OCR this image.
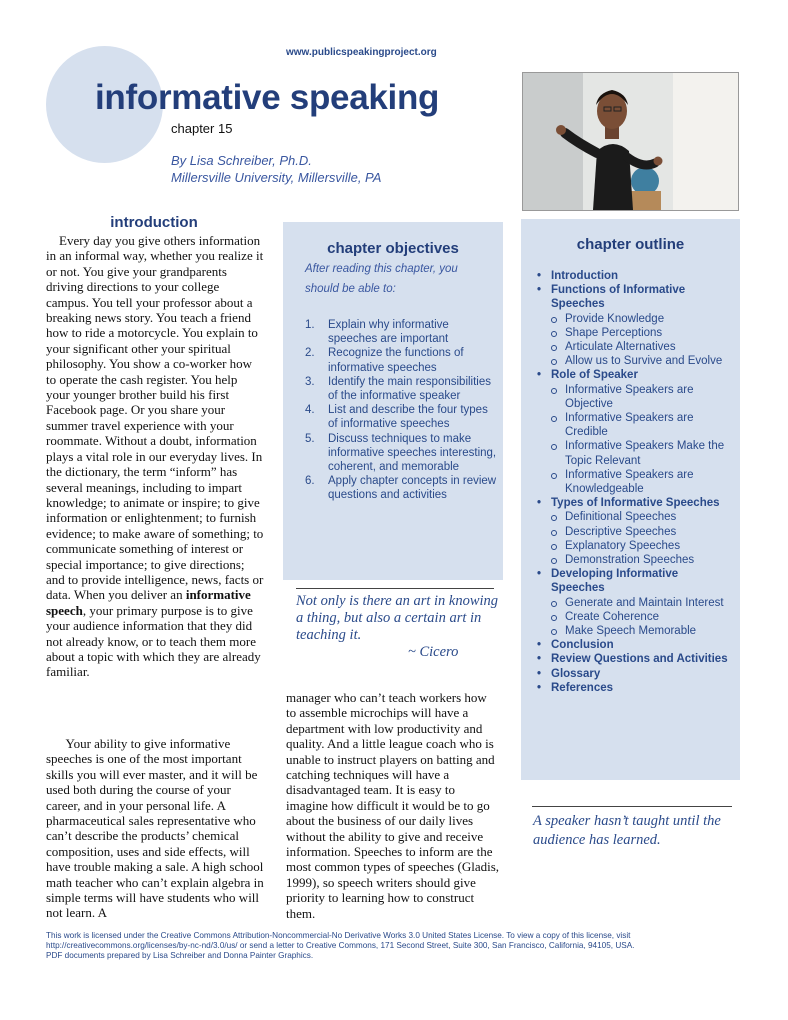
www.publicspeakingproject.org
informative speaking
chapter 15
By Lisa Schreiber, Ph.D.
Millersville University, Millersville, PA
introduction

Every day you give others information in an informal way, whether you realize it or not. You give your grandparents driving directions to your college campus. You tell your professor about a breaking news story. You teach a friend how to ride a motorcycle. You explain to your significant other your spiritual philosophy. You show a co-worker how to operate the cash register. You help your younger brother build his first Facebook page. Or you share your summer travel experience with your roommate. Without a doubt, information plays a vital role in our everyday lives. In the dictionary, the term “inform” has several meanings, including to impart knowledge; to animate or inspire; to give information or enlightenment; to furnish evidence; to make aware of something; to communicate something of interest or special importance; to give directions; and to provide intelligence, news, facts or data. When you deliver an informative speech, your primary purpose is to give your audience information that they did not already know, or to teach them more about a topic with which they are already familiar.

Your ability to give informative speeches is one of the most important skills you will ever master, and it will be used both during the course of your career, and in your personal life. A pharmaceutical sales representative who can’t describe the products’ chemical composition, uses and side effects, will have trouble making a sale. A high school math teacher who can’t explain algebra in simple terms will have students who will not learn. A

manager who can’t teach workers how to assemble microchips will have a department with low productivity and quality. And a little league coach who is unable to instruct players on batting and catching techniques will have a disadvantaged team. It is easy to imagine how difficult it would be to go about the business of our daily lives without the ability to give and receive information. Speeches to inform are the most common types of speeches (Gladis, 1999), so speech writers should give priority to learning how to construct them.

chapter objectives
After reading this chapter, you should be able to:
1. Explain why informative speeches are important
2. Recognize the functions of informative speeches
3. Identify the main responsibilities of the informative speaker
4. List and describe the four types of informative speeches
5. Discuss techniques to make informative speeches interesting, coherent, and memorable
6. Apply chapter concepts in review questions and activities
Not only is there an art in knowing a thing, but also a certain art in teaching it.
~ Cicero
chapter outline
• Introduction
• Functions of Informative Speeches
Provide Knowledge
Shape Perceptions
Articulate Alternatives
Allow us to Survive and Evolve
• Role of Speaker
Informative Speakers are Objective
Informative Speakers are Credible
Informative Speakers Make the Topic Relevant
Informative Speakers are Knowledgeable
• Types of Informative Speeches
Definitional Speeches
Descriptive Speeches
Explanatory Speeches
Demonstration Speeches
• Developing Informative Speeches
Generate and Maintain Interest
Create Coherence
Make Speech Memorable
• Conclusion
• Review Questions and Activities
• Glossary
• References
A speaker hasn’t taught until the audience has learned.
This work is licensed under the Creative Commons Attribution-Noncommercial-No Derivative Works 3.0 United States License. To view a copy of this license, visit
http://creativecommons.org/licenses/by-nc-nd/3.0/us/ or send a letter to Creative Commons, 171 Second Street, Suite 300, San Francisco, California, 94105, USA.
PDF documents prepared by Lisa Schreiber and Donna Painter Graphics.
